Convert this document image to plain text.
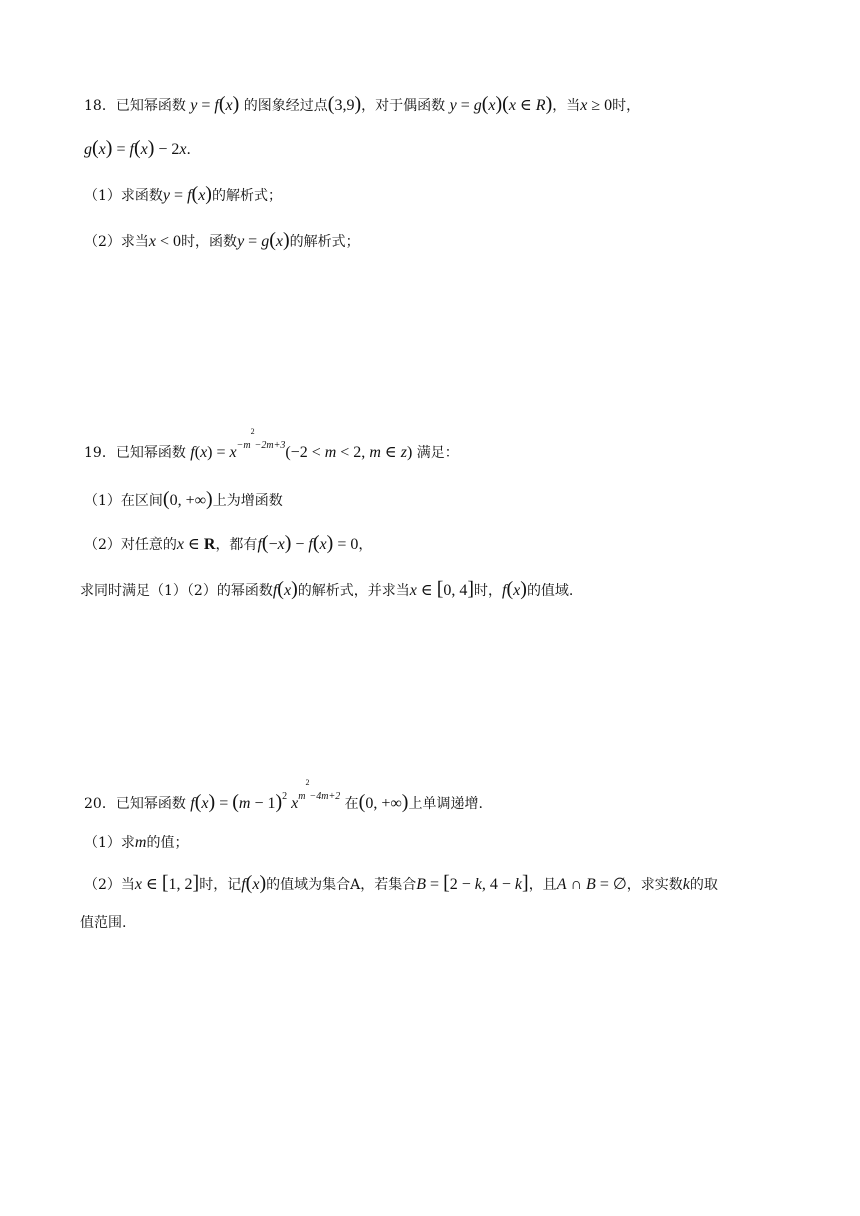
18．已知幂函数 y = f(x) 的图象经过点(3,9)，对于偶函数 y = g(x)(x ∈ R)，当x ≥ 0时，
g(x) = f(x) − 2x．
（1）求函数y = f(x)的解析式；
（2）求当x < 0时，函数y = g(x)的解析式；
19．已知幂函数 $f(x) = x^{-m^2-2m+3}(-2 < m < 2$, m ∈ z) 满足：
（1）在区间(0, +∞)上为增函数
（2）对任意的x ∈ R，都有f(−x) − f(x) = 0，
求同时满足（1）（2）的幂函数f(x)的解析式，并求当x ∈ [0, 4]时，f(x)的值域.
20．已知幂函数 $f(x) = (m - 1)^2$ $x^{m^2-4m+2}$ 在(0, +∞)上单调递增.
（1）求m的值；
（2）当x ∈ [1, 2]时，记f(x)的值域为集合A，若集合B = [2 − k, 4 − k]，且A ∩ B = ∅，求实数k的取
值范围.
